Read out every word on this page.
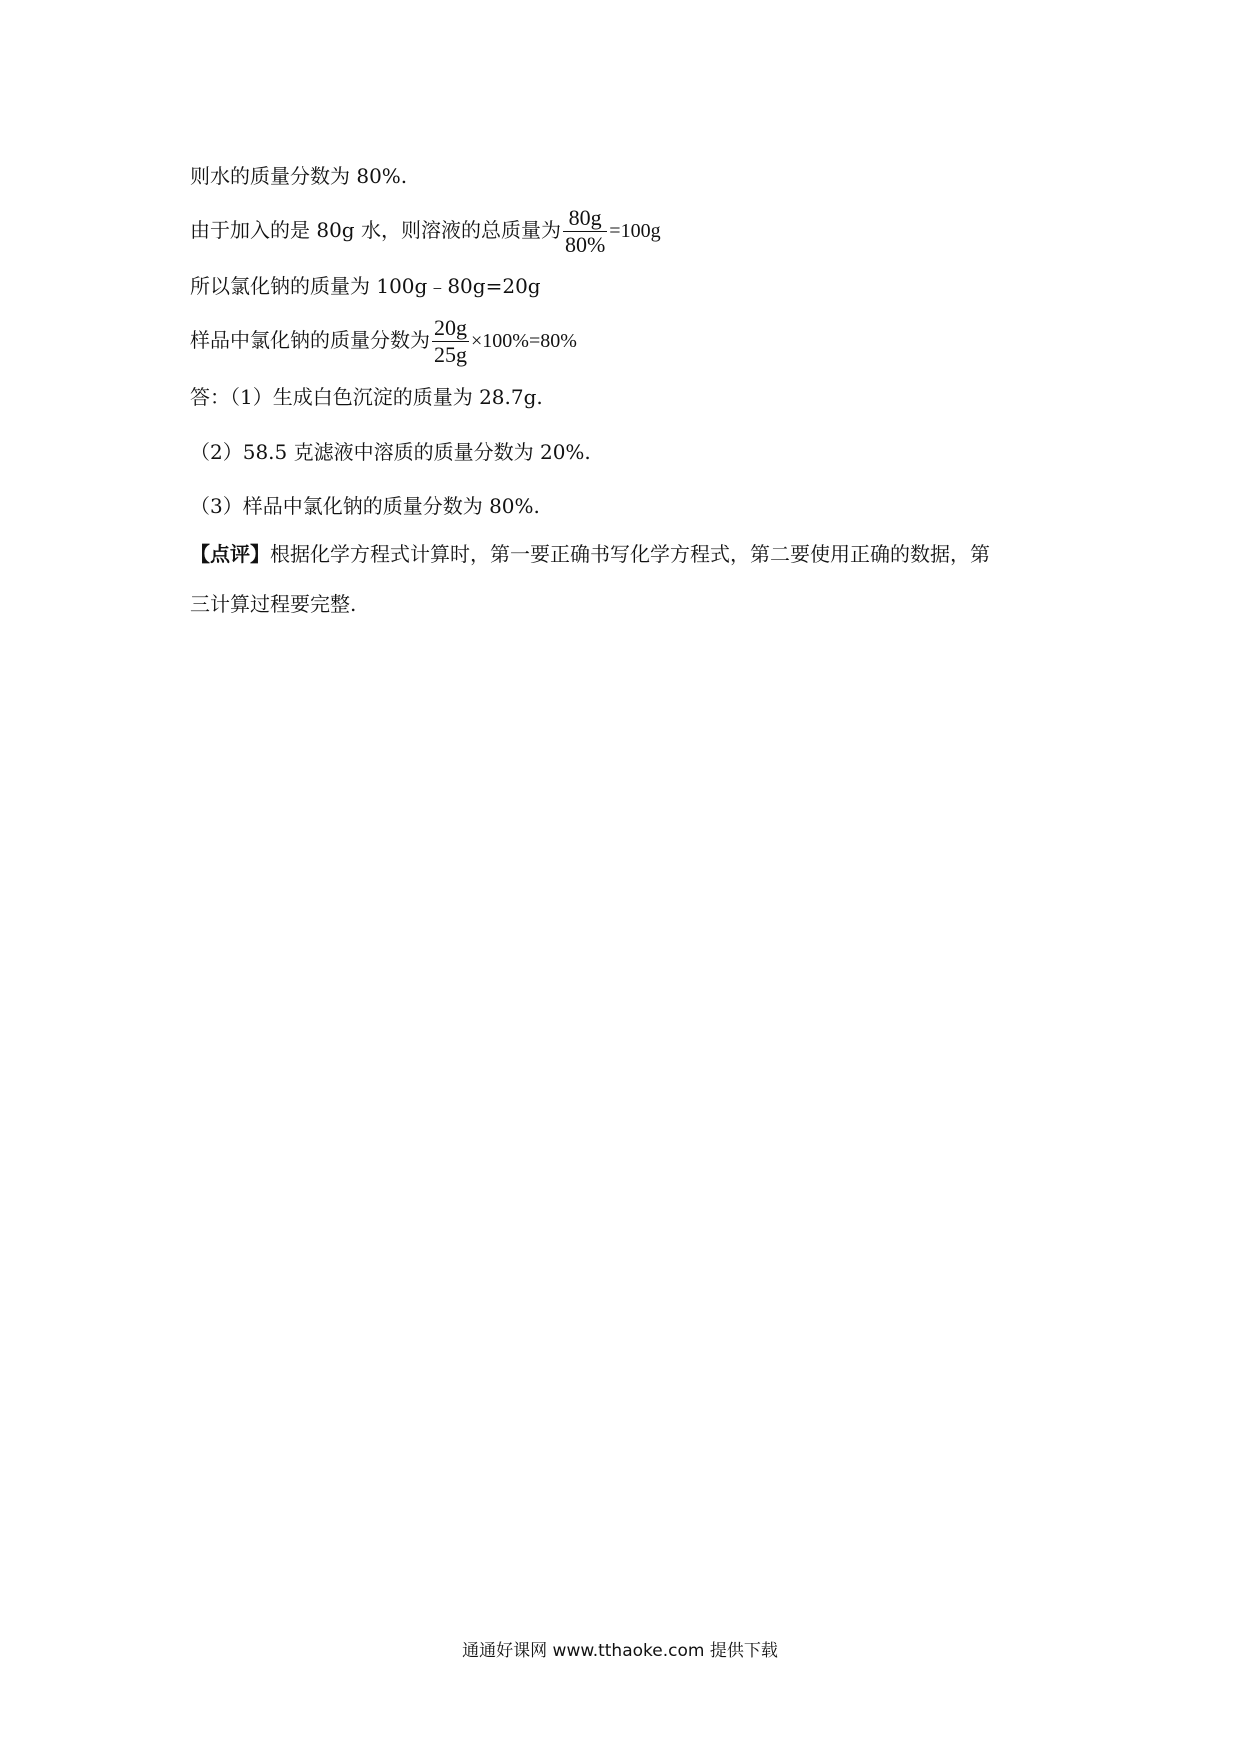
则水的质量分数为 80%.
由于加入的是 80g 水，则溶液的总质量为 $\frac{80g}{80\%} =100g$
所以氯化钠的质量为 100g﹣80g=20g
样品中氯化钠的质量分数为 $\frac{20g}{25g} \times 100\%=80\%$
答：（1）生成白色沉淀的质量为 28.7g.
（2）58.5 克滤液中溶质的质量分数为 20%.
（3）样品中氯化钠的质量分数为 80%.
【点评】根据化学方程式计算时，第一要正确书写化学方程式，第二要使用正确的数据，第
三计算过程要完整.
通通好课网 www.tthaoke.com 提供下载
